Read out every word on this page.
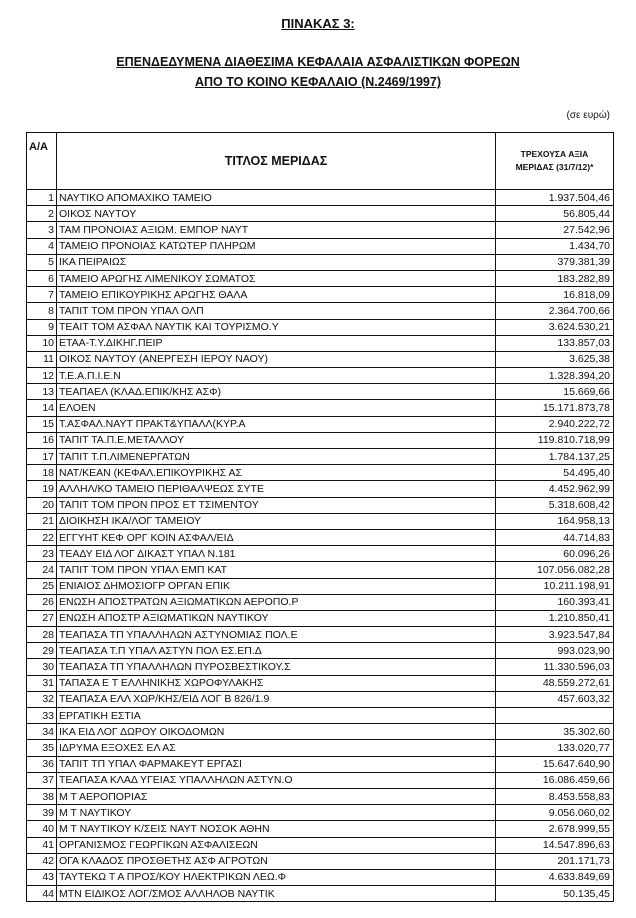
ΠΙΝΑΚΑΣ 3:
ΕΠΕΝΔΕΔΥΜΕΝΑ ΔΙΑΘΕΣΙΜΑ ΚΕΦΑΛΑΙΑ ΑΣΦΑΛΙΣΤΙΚΩΝ ΦΟΡΕΩΝ
ΑΠΟ ΤΟ ΚΟΙΝΟ ΚΕΦΑΛΑΙΟ (Ν.2469/1997)
(σε ευρώ)
Α/Α	ΤΙΤΛΟΣ ΜΕΡΙΔΑΣ	ΤΡΕΧΟΥΣΑ ΑΞΙΑ
ΜΕΡΙΔΑΣ (31/7/12)*

1	ΝΑΥΤΙΚΟ ΑΠΟΜΑΧΙΚΟ ΤΑΜΕΙΟ	1.937.504,46
2	ΟΙΚΟΣ ΝΑΥΤΟΥ	56.805,44
3	ΤΑΜ ΠΡΟΝΟΙΑΣ ΑΞΙΩΜ. ΕΜΠΟΡ ΝΑΥΤ	27.542,96
4	ΤΑΜΕΙΟ ΠΡΟΝΟΙΑΣ ΚΑΤΩΤΕΡ ΠΛΗΡΩΜ	1.434,70
5	ΙΚΑ ΠΕΙΡΑΙΩΣ	379.381,39
6	ΤΑΜΕΙΟ ΑΡΩΓΗΣ ΛΙΜΕΝΙΚΟΥ ΣΩΜΑΤΟΣ	183.282,89
7	ΤΑΜΕΙΟ ΕΠΙΚΟΥΡΙΚΗΣ ΑΡΩΓΗΣ ΘΑΛΑ	16.818,09
8	ΤΑΠΙΤ ΤΟΜ ΠΡΟΝ ΥΠΑΛ ΟΛΠ	2.364.700,66
9	ΤΕΑΙΤ ΤΟΜ ΑΣΦΑΛ ΝΑΥΤΙΚ ΚΑΙ ΤΟΥΡΙΣΜΟ.Υ	3.624.530,21
10	ΕΤΑΑ-Τ.Υ.ΔΙΚΗΓ.ΠΕΙΡ	133.857,03
11	ΟΙΚΟΣ ΝΑΥΤΟΥ (ΑΝΕΡΓΕΣΗ ΙΕΡΟΥ ΝΑΟΥ)	3.625,38
12	Τ.Ε.Α.Π.Ι.Ε.Ν	1.328.394,20
13	ΤΕΑΠΑΕΛ (ΚΛΑΔ.ΕΠΙΚ/ΚΗΣ ΑΣΦ)	15.669,66
14	ΕΛΟΕΝ	15.171.873,78
15	Τ.ΑΣΦΑΛ.ΝΑΥΤ ΠΡΑΚΤ&ΥΠΑΛΛ(ΚΥΡ.Α	2.940.222,72
16	ΤΑΠΙΤ ΤΑ.Π.Ε.ΜΕΤΑΛΛΟΥ	119.810.718,99
17	ΤΑΠΙΤ Τ.Π.ΛΙΜΕΝΕΡΓΑΤΩΝ	1.784.137,25
18	ΝΑΤ/ΚΕΑΝ (ΚΕΦΑΛ.ΕΠΙΚΟΥΡΙΚΗΣ ΑΣ	54.495,40
19	ΑΛΛΗΛ/ΚΟ ΤΑΜΕΙΟ ΠΕΡΙΘΑΛΨΕΩΣ ΣΥΤΕ	4.452.962,99
20	ΤΑΠΙΤ ΤΟΜ ΠΡΟΝ ΠΡΟΣ ΕΤ ΤΣΙΜΕΝΤΟΥ	5.318.608,42
21	ΔΙΟΙΚΗΣΗ ΙΚΑ/ΛΟΓ ΤΑΜΕΙΟΥ	164.958,13
22	ΕΓΓΥΗΤ ΚΕΦ ΟΡΓ ΚΟΙΝ ΑΣΦΑΛ/ΕΙΔ	44.714,83
23	ΤΕΑΔΥ ΕΙΔ ΛΟΓ ΔΙΚΑΣΤ ΥΠΑΛ Ν.181	60.096,26
24	ΤΑΠΙΤ ΤΟΜ ΠΡΟΝ ΥΠΑΛ ΕΜΠ ΚΑΤ	107.056.082,28
25	ΕΝΙΑΙΟΣ ΔΗΜΟΣΙΟΓΡ ΟΡΓΑΝ ΕΠΙΚ	10.211.198,91
26	ΕΝΩΣΗ ΑΠΟΣΤΡΑΤΩΝ ΑΞΙΩΜΑΤΙΚΩΝ ΑΕΡΟΠΟ.Ρ	160.393,41
27	ΕΝΩΣΗ ΑΠΟΣΤΡ ΑΞΙΩΜΑΤΙΚΩΝ ΝΑΥΤΙΚΟΥ	1.210.850,41
28	ΤΕΑΠΑΣΑ ΤΠ ΥΠΑΛΛΗΛΩΝ ΑΣΤΥΝΟΜΙΑΣ ΠΟΛ.Ε	3.923.547,84
29	ΤΕΑΠΑΣΑ Τ.Π ΥΠΑΛ ΑΣΤΥΝ ΠΟΛ ΕΣ.ΕΠ.Δ	993.023,90
30	ΤΕΑΠΑΣΑ ΤΠ ΥΠΑΛΛΗΛΩΝ ΠΥΡΟΣΒΕΣΤΙΚΟΥ.Σ	11.330.596,03
31	ΤΑΠΑΣΑ Ε Τ ΕΛΛΗΝΙΚΗΣ ΧΩΡΟΦΥΛΑΚΗΣ	48.559.272,61
32	ΤΕΑΠΑΣΑ ΕΛΛ ΧΩΡ/ΚΗΣ/ΕΙΔ ΛΟΓ Β 826/1.9	457.603,32
33	ΕΡΓΑΤΙΚΗ ΕΣΤΙΑ	
34	ΙΚΑ ΕΙΔ ΛΟΓ ΔΩΡΟΥ ΟΙΚΟΔΟΜΩΝ	35.302,60
35	ΙΔΡΥΜΑ ΕΞΟΧΕΣ ΕΛ ΑΣ	133.020,77
36	ΤΑΠΙΤ ΤΠ ΥΠΑΛ ΦΑΡΜΑΚΕΥΤ ΕΡΓΑΣΙ	15.647.640,90
37	ΤΕΑΠΑΣΑ ΚΛΑΔ ΥΓΕΙΑΣ ΥΠΑΛΛΗΛΩΝ ΑΣΤΥΝ.Ο	16.086.459,66
38	Μ Τ ΑΕΡΟΠΟΡΙΑΣ	8.453.558,83
39	Μ Τ ΝΑΥΤΙΚΟΥ	9.056.060,02
40	Μ Τ ΝΑΥΤΙΚΟΥ Κ/ΣΕΙΣ ΝΑΥΤ ΝΟΣΟΚ ΑΘΗΝ	2.678.999,55
41	ΟΡΓΑΝΙΣΜΟΣ ΓΕΩΡΓΙΚΩΝ ΑΣΦΑΛΙΣΕΩΝ	14.547.896,63
42	ΟΓΑ ΚΛΑΔΟΣ ΠΡΟΣΘΕΤΗΣ ΑΣΦ ΑΓΡΟΤΩΝ	201.171,73
43	ΤΑΥΤΕΚΩ Τ Α ΠΡΟΣ/ΚΟΥ ΗΛΕΚΤΡΙΚΩΝ ΛΕΩ.Φ	4.633.849,69
44	ΜΤΝ ΕΙΔΙΚΟΣ ΛΟΓ/ΣΜΟΣ ΑΛΛΗΛΟΒ ΝΑΥΤΙΚ	50.135,45
